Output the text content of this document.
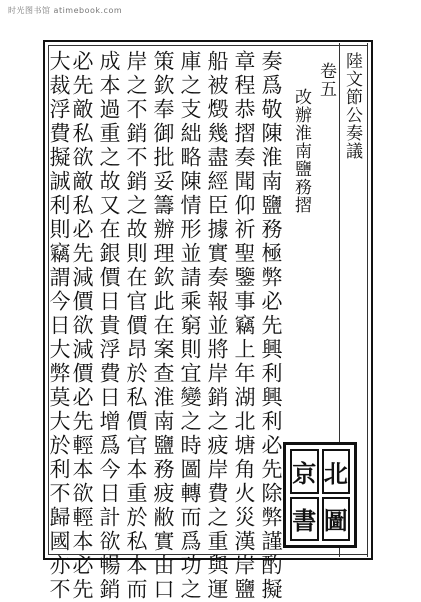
时光图书馆 atimebook.com
陸文節公奏議
卷五
改辦淮南鹽務摺
奏爲敬陳淮南鹽務極弊必先興利興利必先除弊謹酌擬
章程恭摺奏聞仰祈聖鑒事竊上年湖北塘角火災漢岸鹽
船被燬幾盡經臣據實奏報並將岸銷之疲岸費之重與運
庫之支絀略陳情形並請乘窮則宜變之時圖轉而爲功之
策欽奉御批妥籌辦理欽此在案查淮南鹽務疲敝實由口
岸之不銷不銷之故則在官價昂於私價官本重於私本而
成本過重之故又在銀價日貴浮費日增爲今日計欲暢銷
必先敵私欲敵私必先減價欲減價必先輕本欲輕本必先
大裁浮費擬誠利則竊謂今日大弊莫大於利不歸國亦不	京 北
書 圖
